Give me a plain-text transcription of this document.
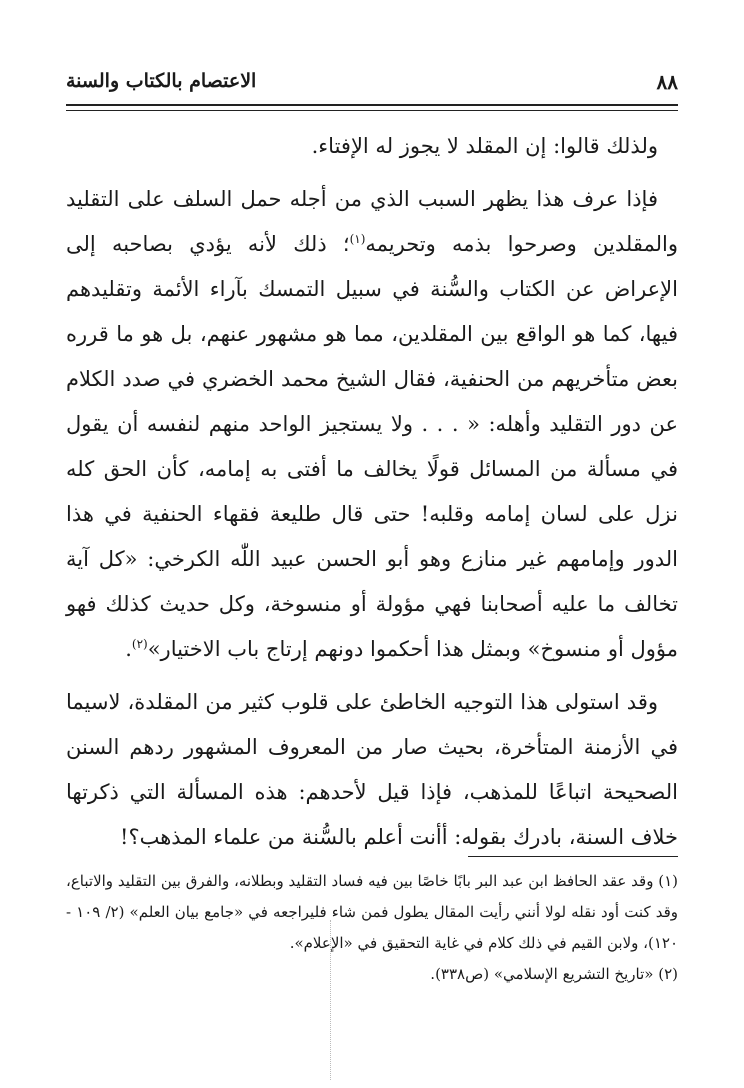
٨٨
الاعتصام بالكتاب والسنة

ولذلك قالوا: إن المقلد لا يجوز له الإفتاء.

فإذا عرف هذا يظهر السبب الذي من أجله حمل السلف على التقليد والمقلدين وصرحوا بذمه وتحريمه$^{(١)}$؛ ذلك لأنه يؤدي بصاحبه إلى الإعراض عن الكتاب والسُّنة في سبيل التمسك بآراء الأئمة وتقليدهم فيها، كما هو الواقع بين المقلدين، مما هو مشهور عنهم، بل هو ما قرره بعض متأخريهم من الحنفية، فقال الشيخ محمد الخضري في صدد الكلام عن دور التقليد وأهله: « . . . ولا يستجيز الواحد منهم لنفسه أن يقول في مسألة من المسائل قولًا يخالف ما أفتى به إمامه، كأن الحق كله نزل على لسان إمامه وقلبه! حتى قال طليعة فقهاء الحنفية في هذا الدور وإمامهم غير منازع وهو أبو الحسن عبيد اللّٰه الكرخي: «كل آية تخالف ما عليه أصحابنا فهي مؤولة أو منسوخة، وكل حديث كذلك فهو مؤول أو منسوخ» وبمثل هذا أحكموا دونهم إرتاج باب الاختيار»$^{(٢)}$.

وقد استولى هذا التوجيه الخاطئ على قلوب كثير من المقلدة، لاسيما في الأزمنة المتأخرة، بحيث صار من المعروف المشهور ردهم السنن الصحيحة اتباعًا للمذهب، فإذا قيل لأحدهم: هذه المسألة التي ذكرتها خلاف السنة، بادرك بقوله: أأنت أعلم بالسُّنة من علماء المذهب؟!

(١) وقد عقد الحافظ ابن عبد البر بابًا خاصًا بين فيه فساد التقليد وبطلانه، والفرق بين التقليد والاتباع، وقد كنت أود نقله لولا أنني رأيت المقال يطول فمن شاء فليراجعه في «جامع بيان العلم» (٢/ ١٠٩ - ١٢٠)، ولابن القيم في ذلك كلام في غاية التحقيق في «الإعلام».

(٢) «تاريخ التشريع الإسلامي» (ص٣٣٨).
